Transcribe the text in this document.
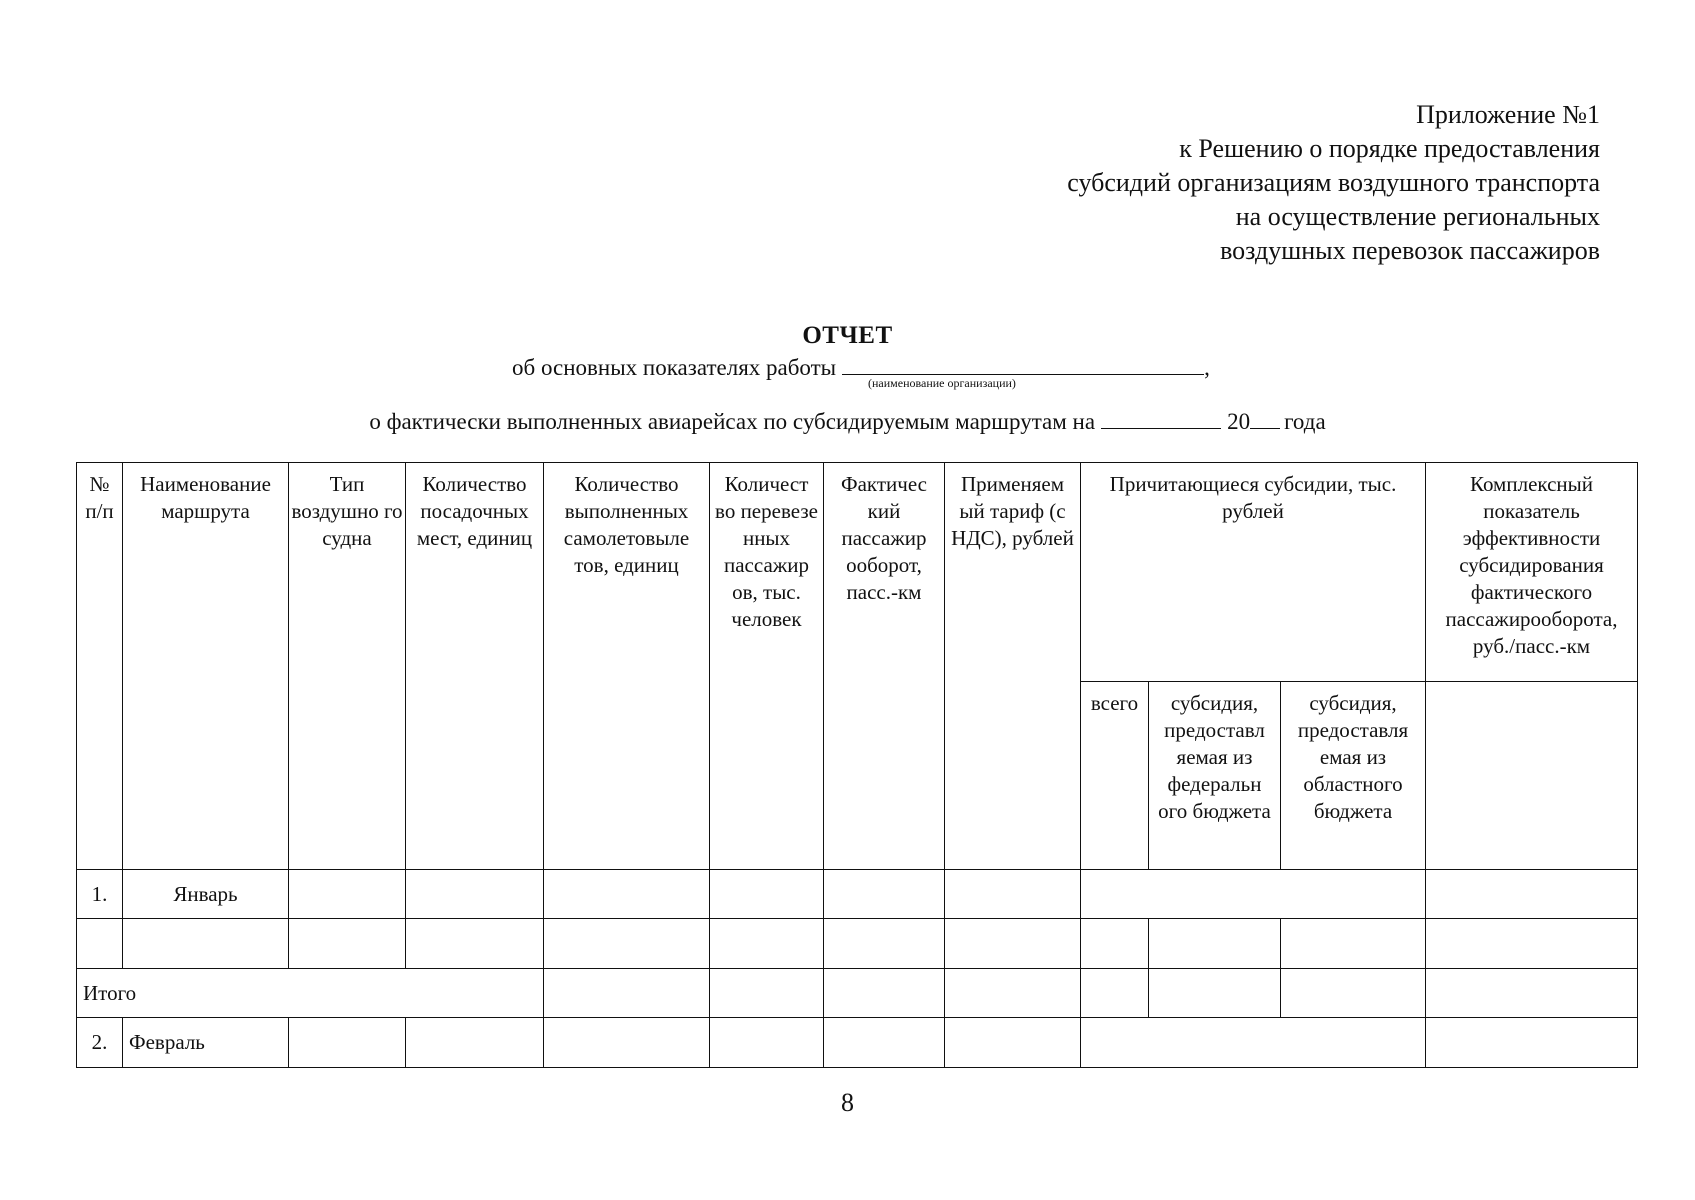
Приложение №1
к Решению о порядке предоставления
субсидий организациям воздушного транспорта
на осуществление региональных
воздушных перевозок пассажиров
ОТЧЕТ
об основных показателях работы	,
(наименование организации)
о фактически выполненных авиарейсах по субсидируемым маршрутам на	20 года
№ п/п	Наименование маршрута	Тип воздушно го судна	Количество посадочных мест, единиц	Количество выполненных самолетовыле тов, единиц	Количест во перевезе нных пассажир ов, тыс. человек	Фактичес кий пассажир ооборот, пасс.-км	Применяем ый тариф (с НДС), рублей	Причитающиеся субсидии, тыс. рублей			Комплексный показатель эффективности субсидирования фактического пассажирооборота, руб./пасс.-км
								всего	субсидия, предоставл яемая из федеральн ого бюджета	субсидия, предоставля емая из областного бюджета	
1.	Январь										

Итого											
2.	Февраль										
8
